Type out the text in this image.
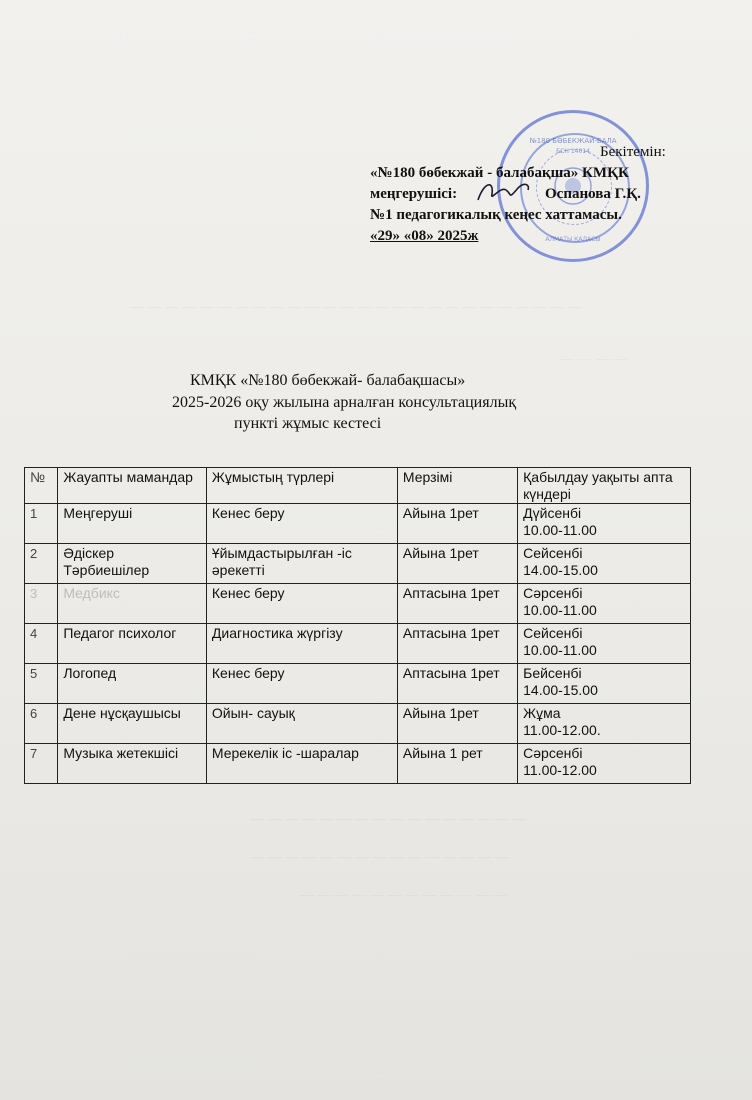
№180 БӨБЕКЖАЙ-БАЛА
БСН 14014
АЛМАТЫ ҚАЛАСЫ
Бекітемін:
«№180 бөбекжай - балабақша» КМҚК
меңгерушісі:	Оспанова Г.Қ.
№1 педагогикалық кеңес хаттамасы.
«29» «08» 2025ж
— — — — — — — — — — — — — — — — — — — — — — — — — —
— — — —
КМҚК «№180 бөбекжай- балабақшасы»
2025-2026 оқу жылына арналған консультациялық
пункті жұмыс кестесі
№	Жауапты мамандар	Жұмыстың түрлері	Мерзімі	Қабылдау уақыты апта күндері
1	Меңгеруші	Кенес беру	Айына 1рет	Дүйсенбі
10.00-11.00

2	Әдіскер Тәрбиешілер	Ұйымдастырылған -іс әрекетті	Айына 1рет	Сейсенбі
14.00-15.00

3	Медбикс	Кенес беру	Аптасына 1рет	Сәрсенбі
10.00-11.00

4	Педагог психолог	Диагностика жүргізу	Аптасына 1рет	Сейсенбі
10.00-11.00

5	Логопед	Кенес беру	Аптасына 1рет	Бейсенбі
14.00-15.00

6	Дене нұсқаушысы	Ойын- сауық	Айына 1рет	Жұма
11.00-12.00.

7	Музыка жетекшісі	Мерекелік іс -шаралар	Айына 1 рет	Сәрсенбі
11.00-12.00
— — — — — — — — — — — — — — — —
— — — — — — — — — — — — — — —
— — — — — — — — — — — —
